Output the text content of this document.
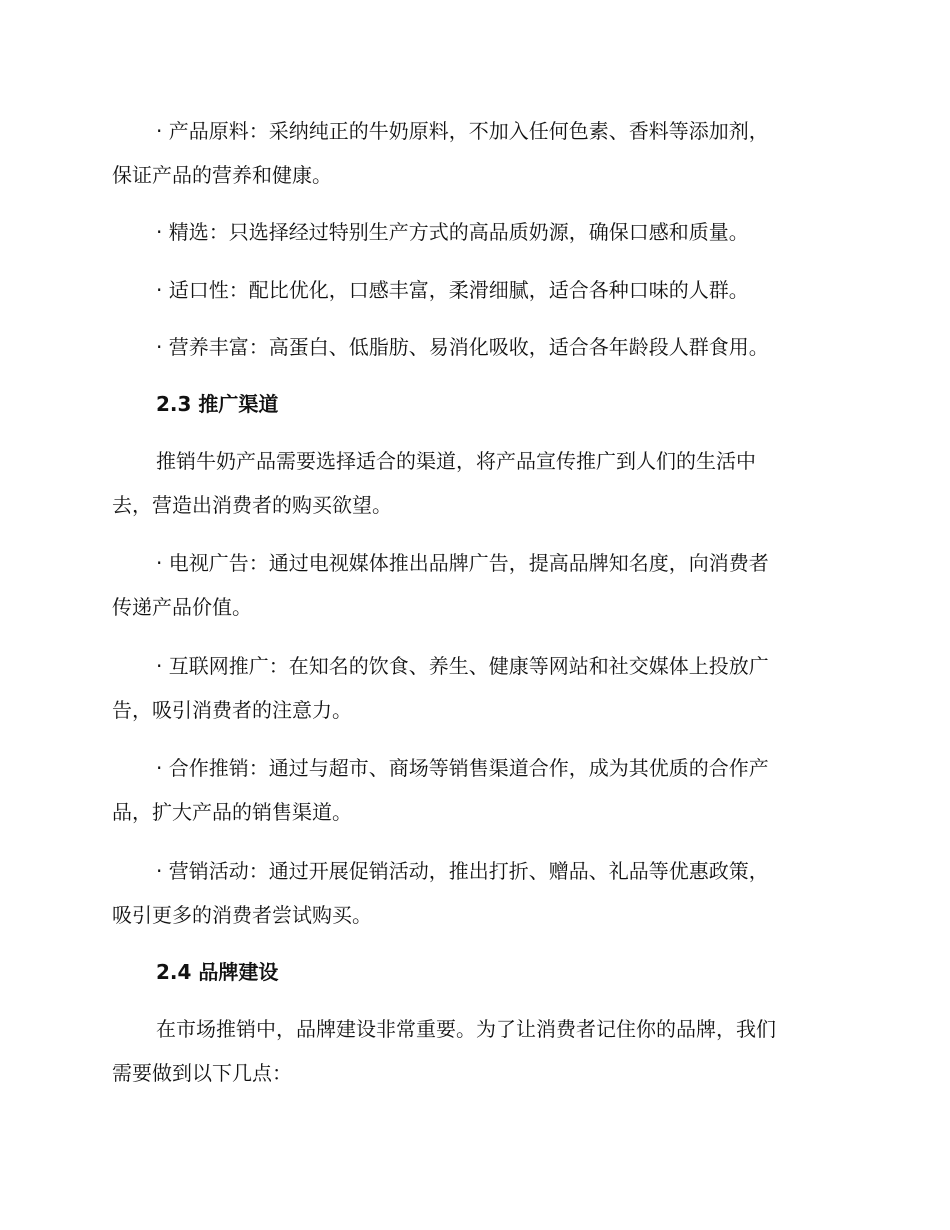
· 产品原料：采纳纯正的牛奶原料，不加入任何色素、香料等添加剂，
保证产品的营养和健康。
· 精选：只选择经过特别生产方式的高品质奶源，确保口感和质量。
· 适口性：配比优化，口感丰富，柔滑细腻，适合各种口味的人群。
· 营养丰富：高蛋白、低脂肪、易消化吸收，适合各年龄段人群食用。
2.3 推广渠道
推销牛奶产品需要选择适合的渠道，将产品宣传推广到人们的生活中
去，营造出消费者的购买欲望。
· 电视广告：通过电视媒体推出品牌广告，提高品牌知名度，向消费者
传递产品价值。
· 互联网推广：在知名的饮食、养生、健康等网站和社交媒体上投放广
告，吸引消费者的注意力。
· 合作推销：通过与超市、商场等销售渠道合作，成为其优质的合作产
品，扩大产品的销售渠道。
· 营销活动：通过开展促销活动，推出打折、赠品、礼品等优惠政策，
吸引更多的消费者尝试购买。
2.4 品牌建设
在市场推销中，品牌建设非常重要。为了让消费者记住你的品牌，我们
需要做到以下几点：
